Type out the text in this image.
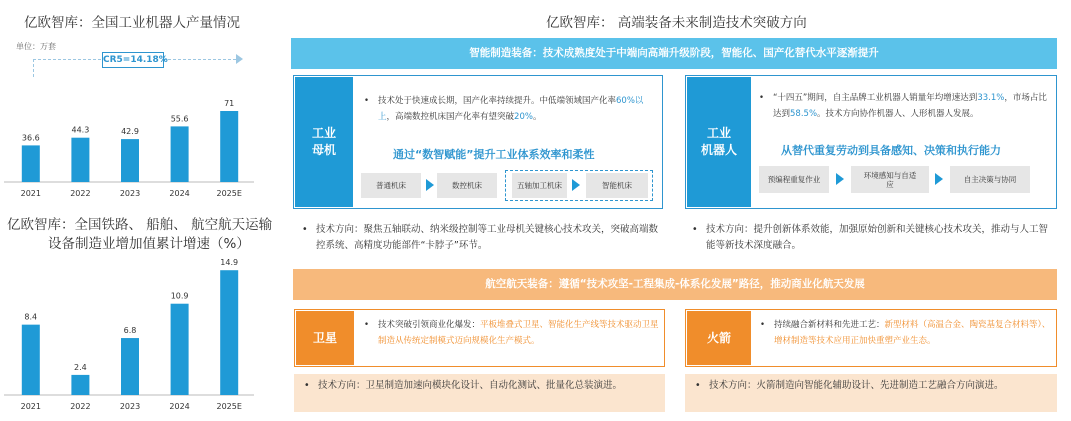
亿欧智库：全国工业机器人产量情况
单位：万套
CR5=14.18%
36.6
2021
44.3
2022
42.9
2023
55.6
2024
71
2025E
亿欧智库：全国铁路、 船舶、 航空航天运输
设备制造业增加值累计增速（%）
8.4
2021
2.4
2022
6.8
2023
10.9
2024
14.9
2025E
亿欧智库： 高端装备未来制造技术突破方向
智能制造装备：技术成熟度处于中端向高端升级阶段，智能化、国产化替代水平逐渐提升
工业
母机
•	技术处于快速成长期，国产化率持续提升。中低端领域国产化率60%以上，高端数控机床国产化率有望突破20%。
通过“数智赋能”提升工业体系效率和柔性
普通机床	数控机床	五轴加工机床	智能机床
• 技术方向：聚焦五轴联动、纳米级控制等工业母机关键核心技术攻关，突破高端数控系统、高精度功能部件“卡脖子”环节。
工业
机器人
•	“十四五”期间，自主品牌工业机器人销量年均增速达到33.1%，市场占比达到58.5%。技术方向协作机器人、人形机器人发展。
从替代重复劳动到具备感知、决策和执行能力
预编程重复作业	环境感知与自适应	自主决策与协同
• 技术方向：提升创新体系效能，加强原始创新和关键核心技术攻关，推动与人工智能等新技术深度融合。
航空航天装备：遵循“技术攻坚-工程集成-体系化发展”路径，推动商业化航天发展
卫星
•	技术突破引领商业化爆发：平板堆叠式卫星、智能化生产线等技术驱动卫星制造从传统定制模式迈向规模化生产模式。
• 技术方向：卫星制造加速向模块化设计、自动化测试、批量化总装演进。
火箭
•	持续融合新材料和先进工艺：新型材料（高温合金、陶瓷基复合材料等）、增材制造等技术应用正加快重塑产业生态。
• 技术方向：火箭制造向智能化辅助设计、先进制造工艺融合方向演进。
